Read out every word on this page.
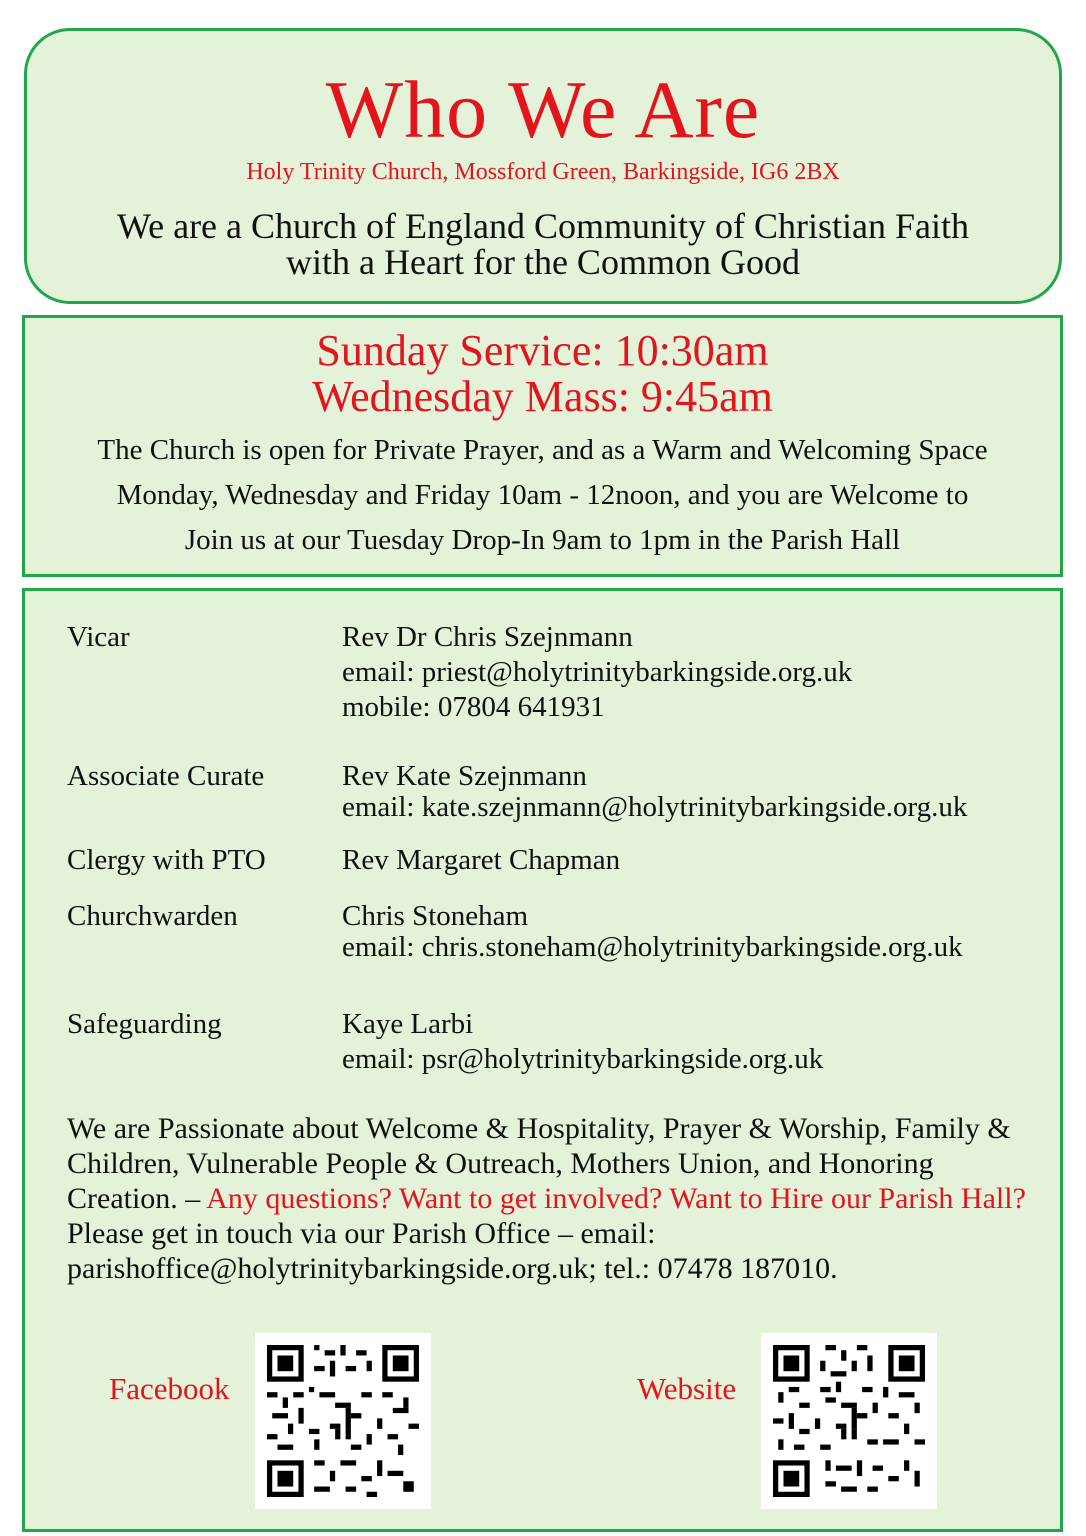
Who We Are
Holy Trinity Church, Mossford Green, Barkingside, IG6 2BX
We are a Church of England Community of Christian Faith
with a Heart for the Common Good
Sunday Service: 10:30am
Wednesday Mass: 9:45am
The Church is open for Private Prayer, and as a Warm and Welcoming Space
Monday, Wednesday and Friday 10am - 12noon, and you are Welcome to
Join us at our Tuesday Drop-In 9am to 1pm in the Parish Hall
Vicar	Rev Dr Chris Szejnmann
email: priest@holytrinitybarkingside.org.uk
mobile: 07804 641931
Associate Curate	Rev Kate Szejnmann
email: kate.szejnmann@holytrinitybarkingside.org.uk
Clergy with PTO	Rev Margaret Chapman
Churchwarden	Chris Stoneham
email: chris.stoneham@holytrinitybarkingside.org.uk
Safeguarding	Kaye Larbi
email: psr@holytrinitybarkingside.org.uk
We are Passionate about Welcome & Hospitality, Prayer & Worship, Family & Children, Vulnerable People & Outreach, Mothers Union, and Honoring Creation. – Any questions? Want to get involved? Want to Hire our Parish Hall? Please get in touch via our Parish Office – email: parishoffice@holytrinitybarkingside.org.uk; tel.: 07478 187010.
Facebook	Website
